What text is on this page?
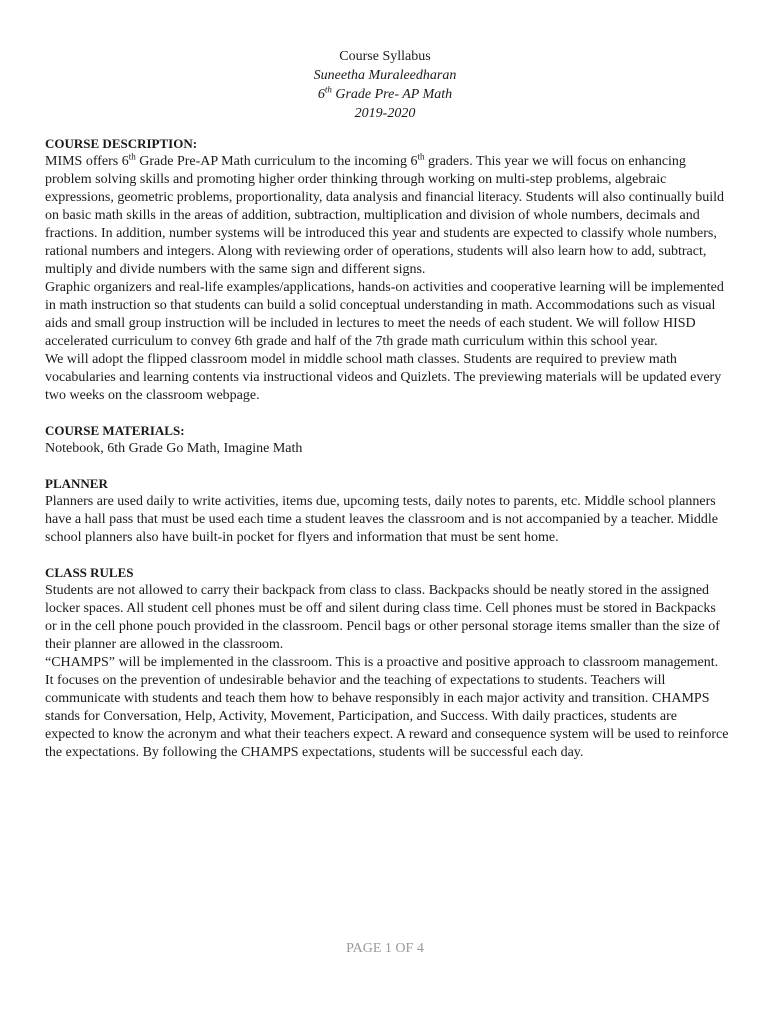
Course Syllabus
Suneetha Muraleedharan
6th Grade Pre- AP Math
2019-2020

COURSE DESCRIPTION:

MIMS offers 6th Grade Pre-AP Math curriculum to the incoming 6th graders. This year we will focus on enhancing problem solving skills and promoting higher order thinking through working on multi-step problems, algebraic expressions, geometric problems, proportionality, data analysis and financial literacy. Students will also continually build on basic math skills in the areas of addition, subtraction, multiplication and division of whole numbers, decimals and fractions. In addition, number systems will be introduced this year and students are expected to classify whole numbers, rational numbers and integers. Along with reviewing order of operations, students will also learn how to add, subtract, multiply and divide numbers with the same sign and different signs.

Graphic organizers and real-life examples/applications, hands-on activities and cooperative learning will be implemented in math instruction so that students can build a solid conceptual understanding in math. Accommodations such as visual aids and small group instruction will be included in lectures to meet the needs of each student. We will follow HISD accelerated curriculum to convey 6th grade and half of the 7th grade math curriculum within this school year.

We will adopt the flipped classroom model in middle school math classes. Students are required to preview math vocabularies and learning contents via instructional videos and Quizlets. The previewing materials will be updated every two weeks on the classroom webpage.

COURSE MATERIALS:

Notebook, 6th Grade Go Math, Imagine Math

PLANNER

Planners are used daily to write activities, items due, upcoming tests, daily notes to parents, etc. Middle school planners have a hall pass that must be used each time a student leaves the classroom and is not accompanied by a teacher. Middle school planners also have built-in pocket for flyers and information that must be sent home.

CLASS RULES

Students are not allowed to carry their backpack from class to class. Backpacks should be neatly stored in the assigned locker spaces. All student cell phones must be off and silent during class time. Cell phones must be stored in Backpacks or in the cell phone pouch provided in the classroom. Pencil bags or other personal storage items smaller than the size of their planner are allowed in the classroom.

“CHAMPS” will be implemented in the classroom. This is a proactive and positive approach to classroom management. It focuses on the prevention of undesirable behavior and the teaching of expectations to students. Teachers will communicate with students and teach them how to behave responsibly in each major activity and transition. CHAMPS stands for Conversation, Help, Activity, Movement, Participation, and Success. With daily practices, students are expected to know the acronym and what their teachers expect. A reward and consequence system will be used to reinforce the expectations. By following the CHAMPS expectations, students will be successful each day.

PAGE 1 OF 4
